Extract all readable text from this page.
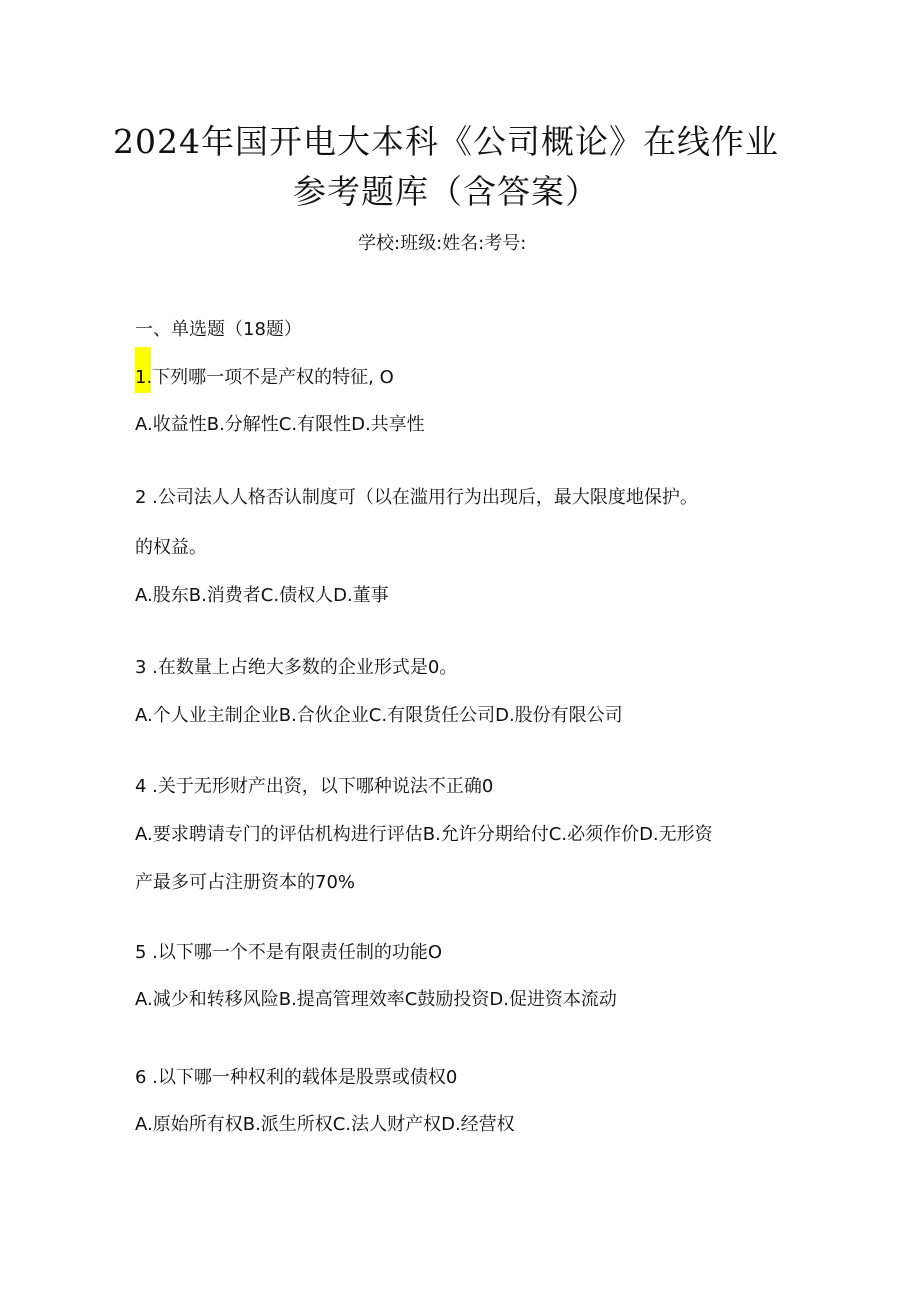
2024年国开电大本科《公司概论》在线作业
参考题库（含答案）
学校:班级:姓名:考号:
一、单选题（18题）
1.下列哪一项不是产权的特征, O
A.收益性B.分解性C.有限性D.共享性
2 .公司法人人格否认制度可（以在滥用行为出现后，最大限度地保护。
的权益。
A.股东B.消费者C.债权人D.董事
3 .在数量上占绝大多数的企业形式是0。
A.个人业主制企业B.合伙企业C.有限货任公司D.股份有限公司
4 .关于无形财产出资，以下哪种说法不正确0
A.要求聘请专门的评估机构进行评估B.允许分期给付C.必须作价D.无形资
产最多可占注册资本的70%
5 .以下哪一个不是有限责任制的功能O
A.减少和转移风险B.提高管理效率C鼓励投资D.促进资本流动
6 .以下哪一种权利的载体是股票或债权0
A.原始所有权B.派生所权C.法人财产权D.经营权
